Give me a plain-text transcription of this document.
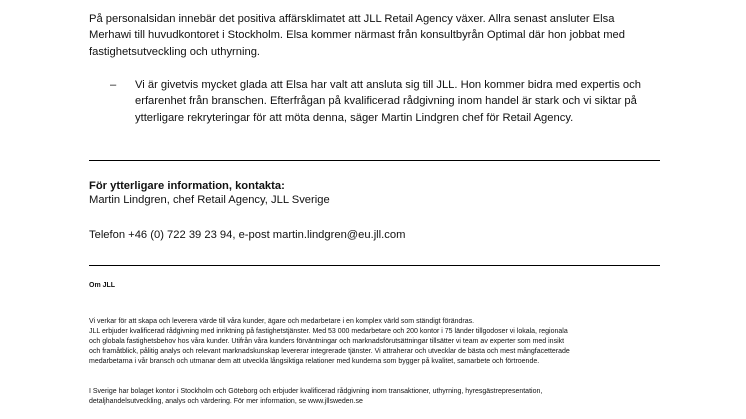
På personalsidan innebär det positiva affärsklimatet att JLL Retail Agency växer. Allra senast ansluter Elsa
Merhawi till huvudkontoret i Stockholm. Elsa kommer närmast från konsultbyrån Optimal där hon jobbat med
fastighetsutveckling och uthyrning.

– Vi är givetvis mycket glada att Elsa har valt att ansluta sig till JLL. Hon kommer bidra med expertis och
erfarenhet från branschen. Efterfrågan på kvalificerad rådgivning inom handel är stark och vi siktar på
ytterligare rekryteringar för att möta denna, säger Martin Lindgren chef för Retail Agency.

För ytterligare information, kontakta:

Martin Lindgren, chef Retail Agency, JLL Sverige

Telefon +46 (0) 722 39 23 94, e-post martin.lindgren@eu.jll.com

Om JLL

Vi verkar för att skapa och leverera värde till våra kunder, ägare och medarbetare i en komplex värld som ständigt förändras.
JLL erbjuder kvalificerad rådgivning med inriktning på fastighetstjänster. Med 53 000 medarbetare och 200 kontor i 75 länder tillgodoser vi lokala, regionala
och globala fastighetsbehov hos våra kunder. Utifrån våra kunders förväntningar och marknadsförutsättningar tillsätter vi team av experter som med insikt
och framåtblick, pålitig analys och relevant marknadskunskap levererar integrerade tjänster. Vi attraherar och utvecklar de bästa och mest mångfacetterade
medarbetarna i vår bransch och utmanar dem att utveckla långsiktiga relationer med kunderna som bygger på kvalitet, samarbete och förtroende.

I Sverige har bolaget kontor i Stockholm och Göteborg och erbjuder kvalificerad rådgivning inom transaktioner, uthyrning, hyresgästrepresentation,
detaljhandelsutveckling, analys och värdering. För mer information, se www.jllsweden.se
